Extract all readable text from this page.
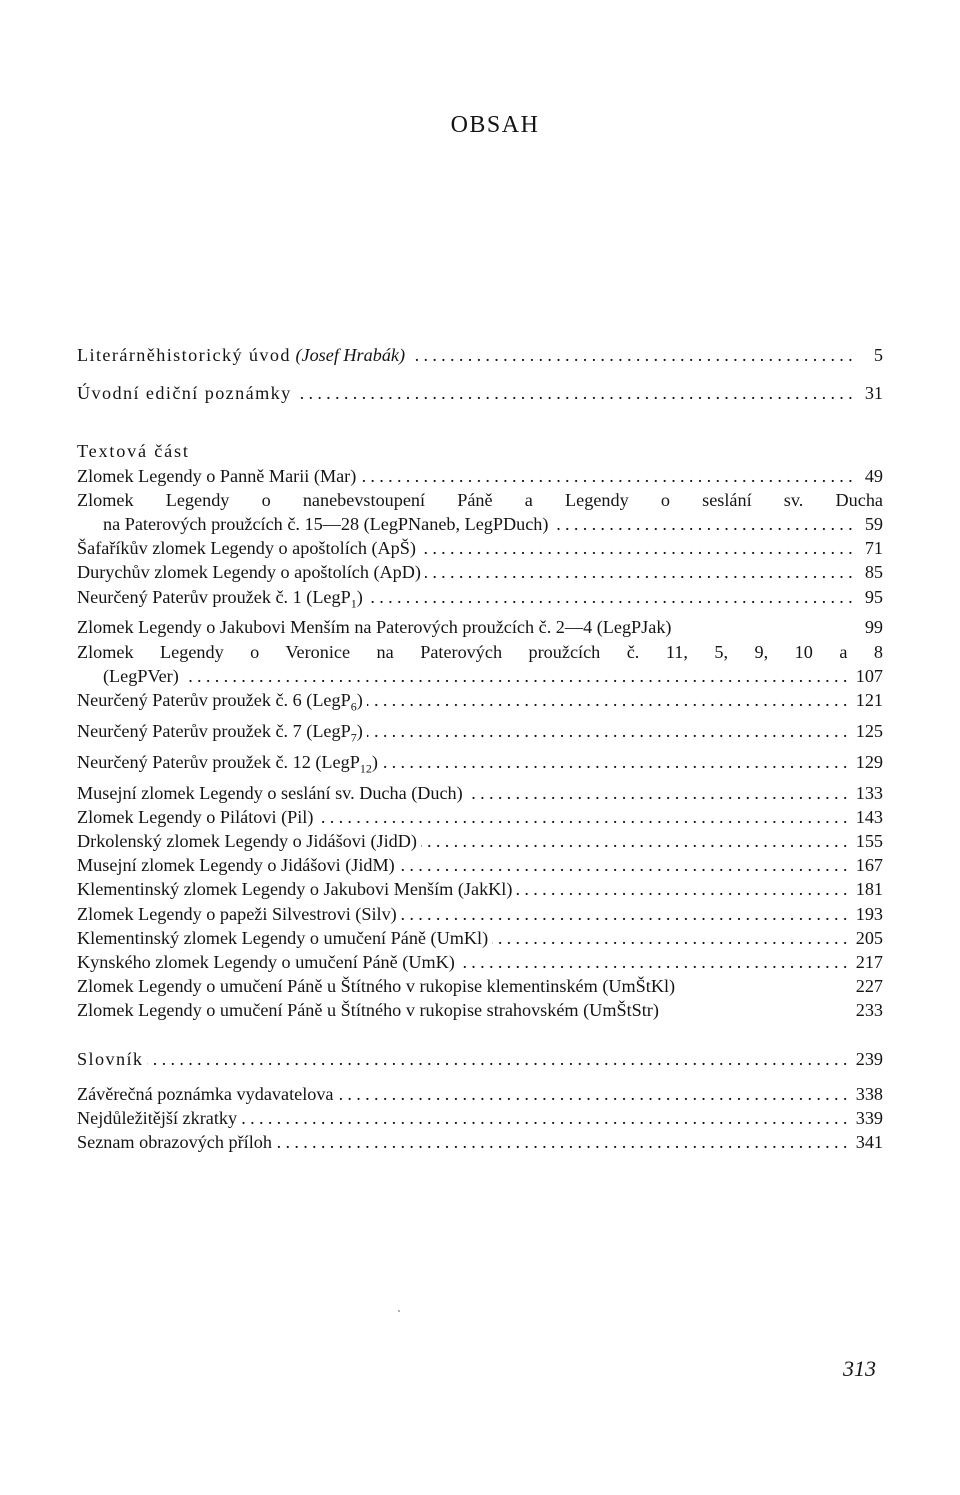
OBSAH
Literárněhistorický úvod (Josef Hrabák) .....	5
Úvodní ediční poznámky .....	31
Textová část
Zlomek Legendy o Panně Marii (Mar) .....	49
Zlomek Legendy o nanebevstoupení Páně a Legendy o seslání sv. Ducha
na Paterových proužcích č. 15—28 (LegPNaneb, LegPDuch) .....	59
Šafaříkův zlomek Legendy o apoštolích (ApŠ) .....	71
Durychův zlomek Legendy o apoštolích (ApD) .....	85
Neurčený Paterův proužek č. 1 (LegP$_1$) .....	95
Zlomek Legendy o Jakubovi Menším na Paterových proužcích č. 2—4 (LegPJak)	99
Zlomek Legendy o Veronice na Paterových proužcích č. 11, 5, 9, 10 a 8
(LegPVer) .....	107
Neurčený Paterův proužek č. 6 (LegP$_6$) .....	121
Neurčený Paterův proužek č. 7 (LegP$_7$) .....	125
Neurčený Paterův proužek č. 12 (LegP$_{12}$) .....	129
Musejní zlomek Legendy o seslání sv. Ducha (Duch) .....	133
Zlomek Legendy o Pilátovi (Pil) .....	143
Drkolenský zlomek Legendy o Jidášovi (JidD) .....	155
Musejní zlomek Legendy o Jidášovi (JidM) .....	167
Klementinský zlomek Legendy o Jakubovi Menším (JakKl) .....	181
Zlomek Legendy o papeži Silvestrovi (Silv) .....	193
Klementinský zlomek Legendy o umučení Páně (UmKl) .....	205
Kynského zlomek Legendy o umučení Páně (UmK) .....	217
Zlomek Legendy o umučení Páně u Štítného v rukopise klementinském (UmŠtKl)	227
Zlomek Legendy o umučení Páně u Štítného v rukopise strahovském (UmŠtStr)	233
Slovník .....	239
Závěrečná poznámka vydavatelova .....	338
Nejdůležitější zkratky .....	339
Seznam obrazových příloh .....	341
313
